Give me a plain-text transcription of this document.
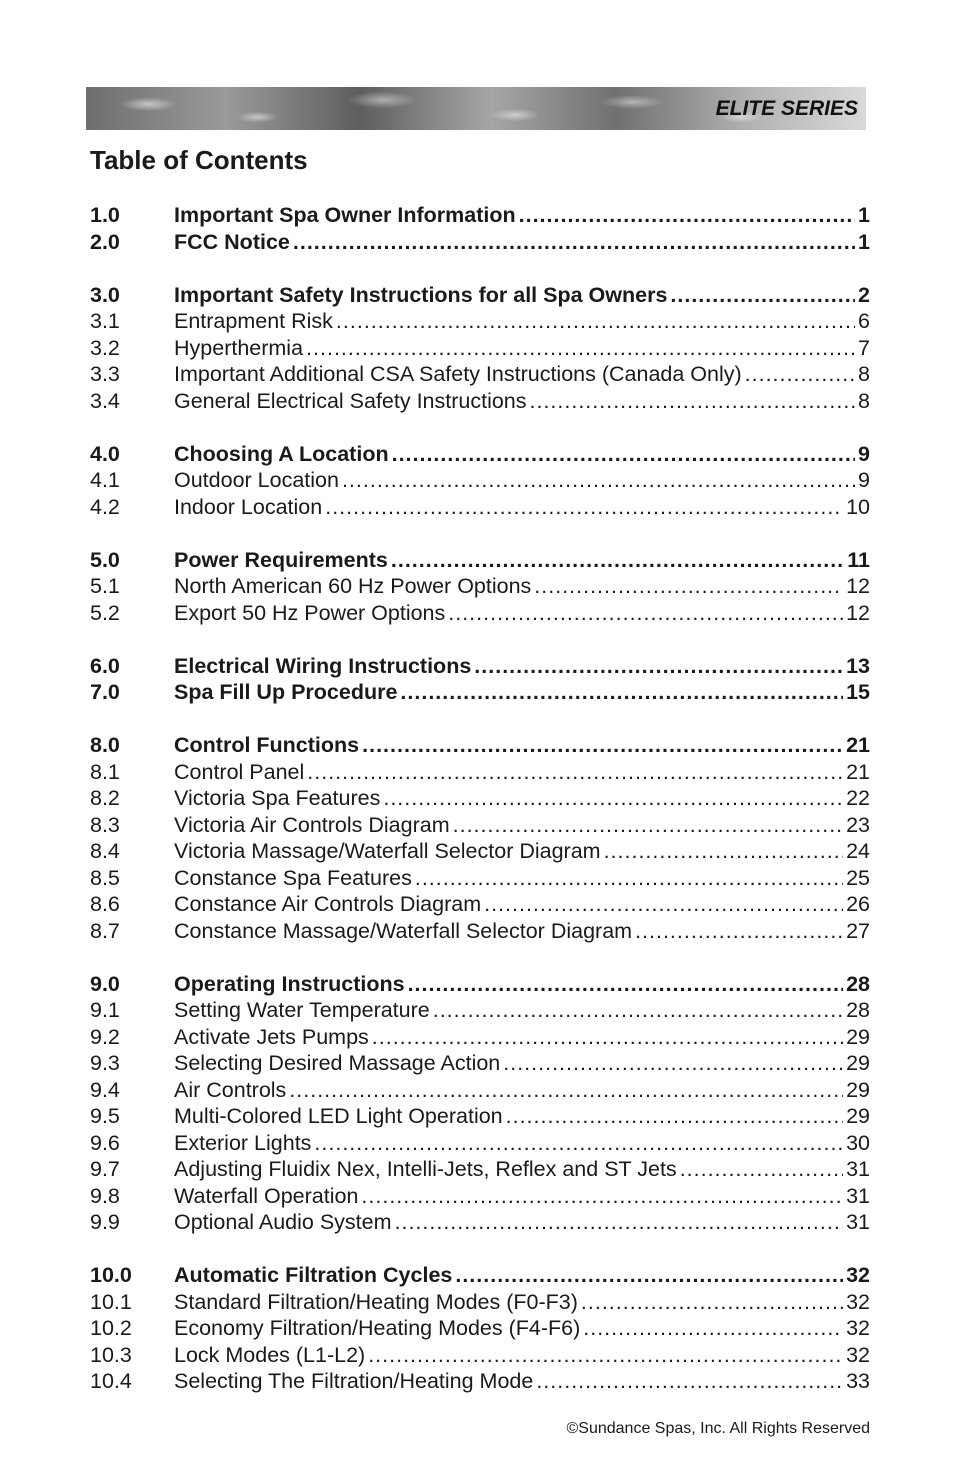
ELITE SERIES
Table of Contents
1.0	Important Spa Owner Information .....	1
2.0	FCC Notice .....	1
3.0	Important Safety Instructions for all Spa Owners .....	2
3.1	Entrapment Risk .....	6
3.2	Hyperthermia .....	7
3.3	Important Additional CSA Safety Instructions (Canada Only) .....	8
3.4	General Electrical Safety Instructions .....	8
4.0	Choosing A Location .....	9
4.1	Outdoor Location .....	9
4.2	Indoor Location .....	10
5.0	Power Requirements .....	11
5.1	North American 60 Hz Power Options .....	12
5.2	Export 50 Hz Power Options .....	12
6.0	Electrical Wiring Instructions .....	13
7.0	Spa Fill Up Procedure .....	15
8.0	Control Functions .....	21
8.1	Control Panel .....	21
8.2	Victoria Spa Features .....	22
8.3	Victoria Air Controls Diagram .....	23
8.4	Victoria Massage/Waterfall Selector Diagram .....	24
8.5	Constance Spa Features .....	25
8.6	Constance Air Controls Diagram .....	26
8.7	Constance Massage/Waterfall Selector Diagram .....	27
9.0	Operating Instructions .....	28
9.1	Setting Water Temperature .....	28
9.2	Activate Jets Pumps .....	29
9.3	Selecting Desired Massage Action .....	29
9.4	Air Controls .....	29
9.5	Multi-Colored LED Light Operation .....	29
9.6	Exterior Lights .....	30
9.7	Adjusting Fluidix Nex, Intelli-Jets, Reflex and ST Jets .....	31
9.8	Waterfall Operation .....	31
9.9	Optional Audio System .....	31
10.0	Automatic Filtration Cycles .....	32
10.1	Standard Filtration/Heating Modes (F0-F3) .....	32
10.2	Economy Filtration/Heating Modes (F4-F6) .....	32
10.3	Lock Modes (L1-L2) .....	32
10.4	Selecting The Filtration/Heating Mode .....	33
©Sundance Spas, Inc. All Rights Reserved
